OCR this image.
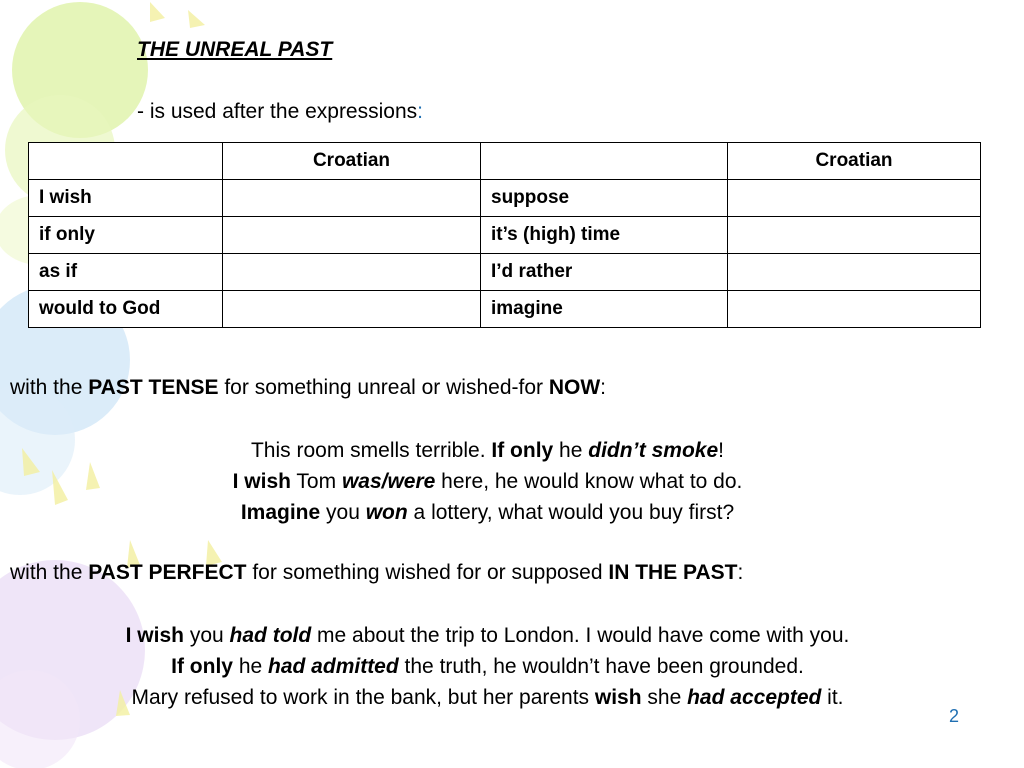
THE UNREAL PAST
- is used after the expressions:
	Croatian		Croatian
I wish		suppose	
if only		it’s (high) time	
as if		I’d rather	
would to God		imagine	
with the PAST TENSE for something unreal or wished-for NOW:
This room smells terrible. If only he didn’t smoke!
I wish Tom was/were here, he would know what to do.
Imagine you won a lottery, what would you buy first?
with the PAST PERFECT for something wished for or supposed IN THE PAST:
I wish you had told me about the trip to London. I would have come with you.
If only he had admitted the truth, he wouldn’t have been grounded.
Mary refused to work in the bank, but her parents wish she had accepted it.
2
